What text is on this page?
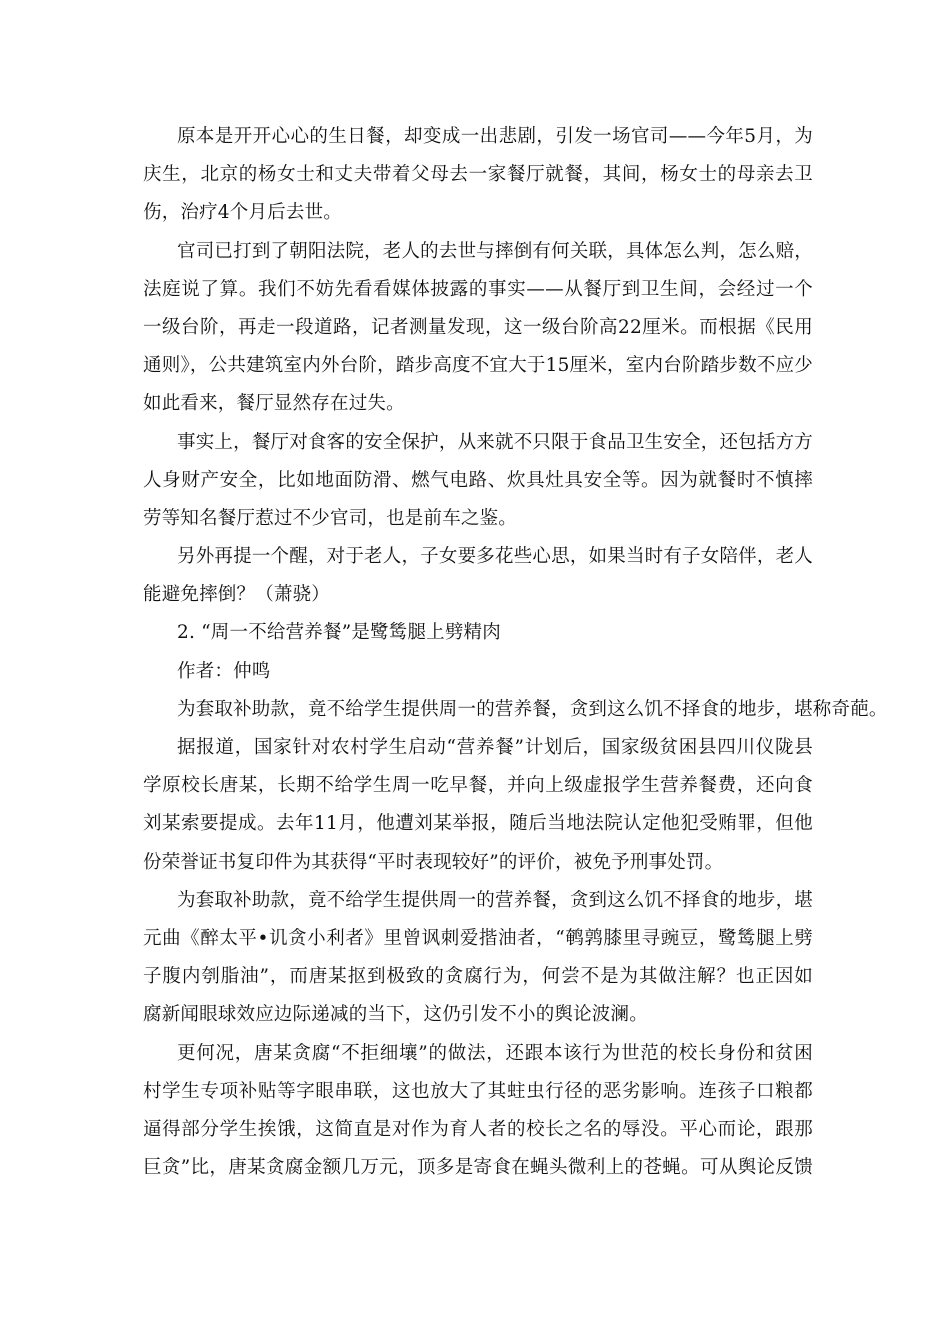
原本是开开心心的生日餐，却变成一出悲剧，引发一场官司——今年5月，为
庆生，北京的杨女士和丈夫带着父母去一家餐厅就餐，其间，杨女士的母亲去卫
伤，治疗4个月后去世。
官司已打到了朝阳法院，老人的去世与摔倒有何关联，具体怎么判，怎么赔，
法庭说了算。我们不妨先看看媒体披露的事实——从餐厅到卫生间，会经过一个
一级台阶，再走一段道路，记者测量发现，这一级台阶高22厘米。而根据《民用
通则》，公共建筑室内外台阶，踏步高度不宜大于15厘米，室内台阶踏步数不应少
如此看来，餐厅显然存在过失。
事实上，餐厅对食客的安全保护，从来就不只限于食品卫生安全，还包括方方
人身财产安全，比如地面防滑、燃气电路、炊具灶具安全等。因为就餐时不慎摔
劳等知名餐厅惹过不少官司，也是前车之鉴。
另外再提一个醒，对于老人，子女要多花些心思，如果当时有子女陪伴，老人
能避免摔倒？（萧骁）
2. “周一不给营养餐”是鹭鸶腿上劈精肉
作者：仲鸣
为套取补助款，竟不给学生提供周一的营养餐，贪到这么饥不择食的地步，堪称奇葩。
据报道，国家针对农村学生启动“营养餐”计划后，国家级贫困县四川仪陇县
学原校长唐某，长期不给学生周一吃早餐，并向上级虚报学生营养餐费，还向食
刘某索要提成。去年11月，他遭刘某举报，随后当地法院认定他犯受贿罪，但他
份荣誉证书复印件为其获得“平时表现较好”的评价，被免予刑事处罚。
为套取补助款，竟不给学生提供周一的营养餐，贪到这么饥不择食的地步，堪
元曲《醉太平•讥贪小利者》里曾讽刺爱揩油者，“鹌鹑膝里寻豌豆，鹭鸶腿上劈
子腹内刳脂油”，而唐某抠到极致的贪腐行为，何尝不是为其做注解？也正因如
腐新闻眼球效应边际递减的当下，这仍引发不小的舆论波澜。
更何况，唐某贪腐“不拒细壤”的做法，还跟本该行为世范的校长身份和贫困
村学生专项补贴等字眼串联，这也放大了其蛀虫行径的恶劣影响。连孩子口粮都
逼得部分学生挨饿，这简直是对作为育人者的校长之名的辱没。平心而论，跟那
巨贪”比，唐某贪腐金额几万元，顶多是寄食在蝇头微利上的苍蝇。可从舆论反馈
